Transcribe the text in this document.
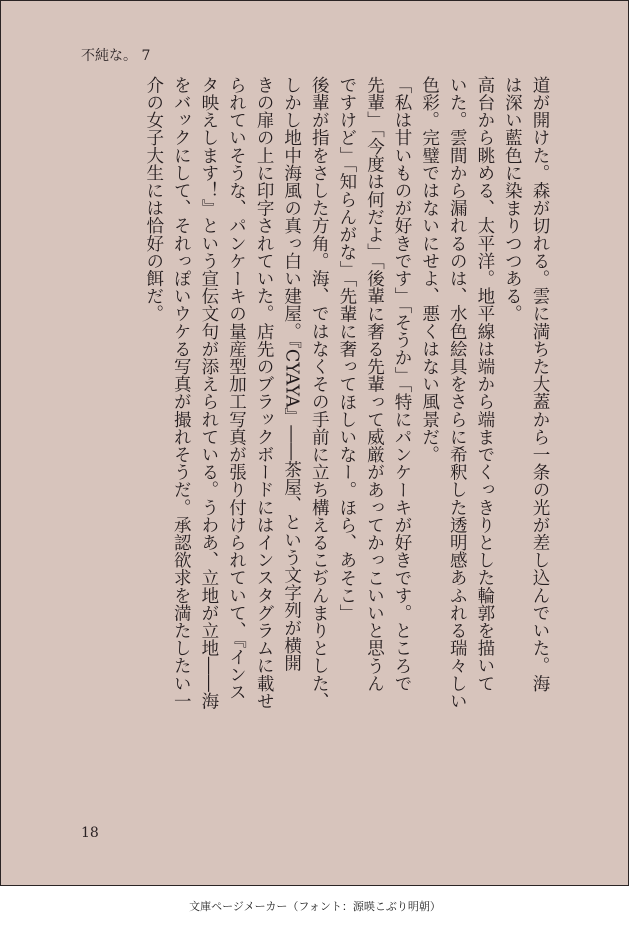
不純な。 7
道が開けた。森が切れる。雲に満ちた大蓋から一条の光が差し込んでいた。海
は深い藍色に染まりつつある。
高台から眺める、太平洋。地平線は端から端までくっきりとした輪郭を描いて
いた。雲間から漏れるのは、水色絵具をさらに希釈した透明感あふれる瑞々しい
色彩。完璧ではないにせよ、悪くはない風景だ。
「私は甘いものが好きです」「そうか」「特にパンケーキが好きです。ところで
先輩」「今度は何だよ」「後輩に奢る先輩って威厳があってかっこいいと思うん
ですけど」「知らんがな」「先輩に奢ってほしいなー。ほら、あそこ」
後輩が指をさした方角。海、ではなくその手前に立ち構えるこぢんまりとした、
しかし地中海風の真っ白い建屋。『CYAYA』――茶屋、という文字列が横開
きの扉の上に印字されていた。店先のブラックボードにはインスタグラムに載せ
られていそうな、パンケーキの量産型加工写真が張り付けられていて、『インス
タ映えします！』という宣伝文句が添えられている。うわあ、立地が立地――海
をバックにして、それっぽいウケる写真が撮れそうだ。承認欲求を満たしたい一
介の女子大生には恰好の餌だ。
18
文庫ページメーカー（フォント：源暎こぶり明朝）
